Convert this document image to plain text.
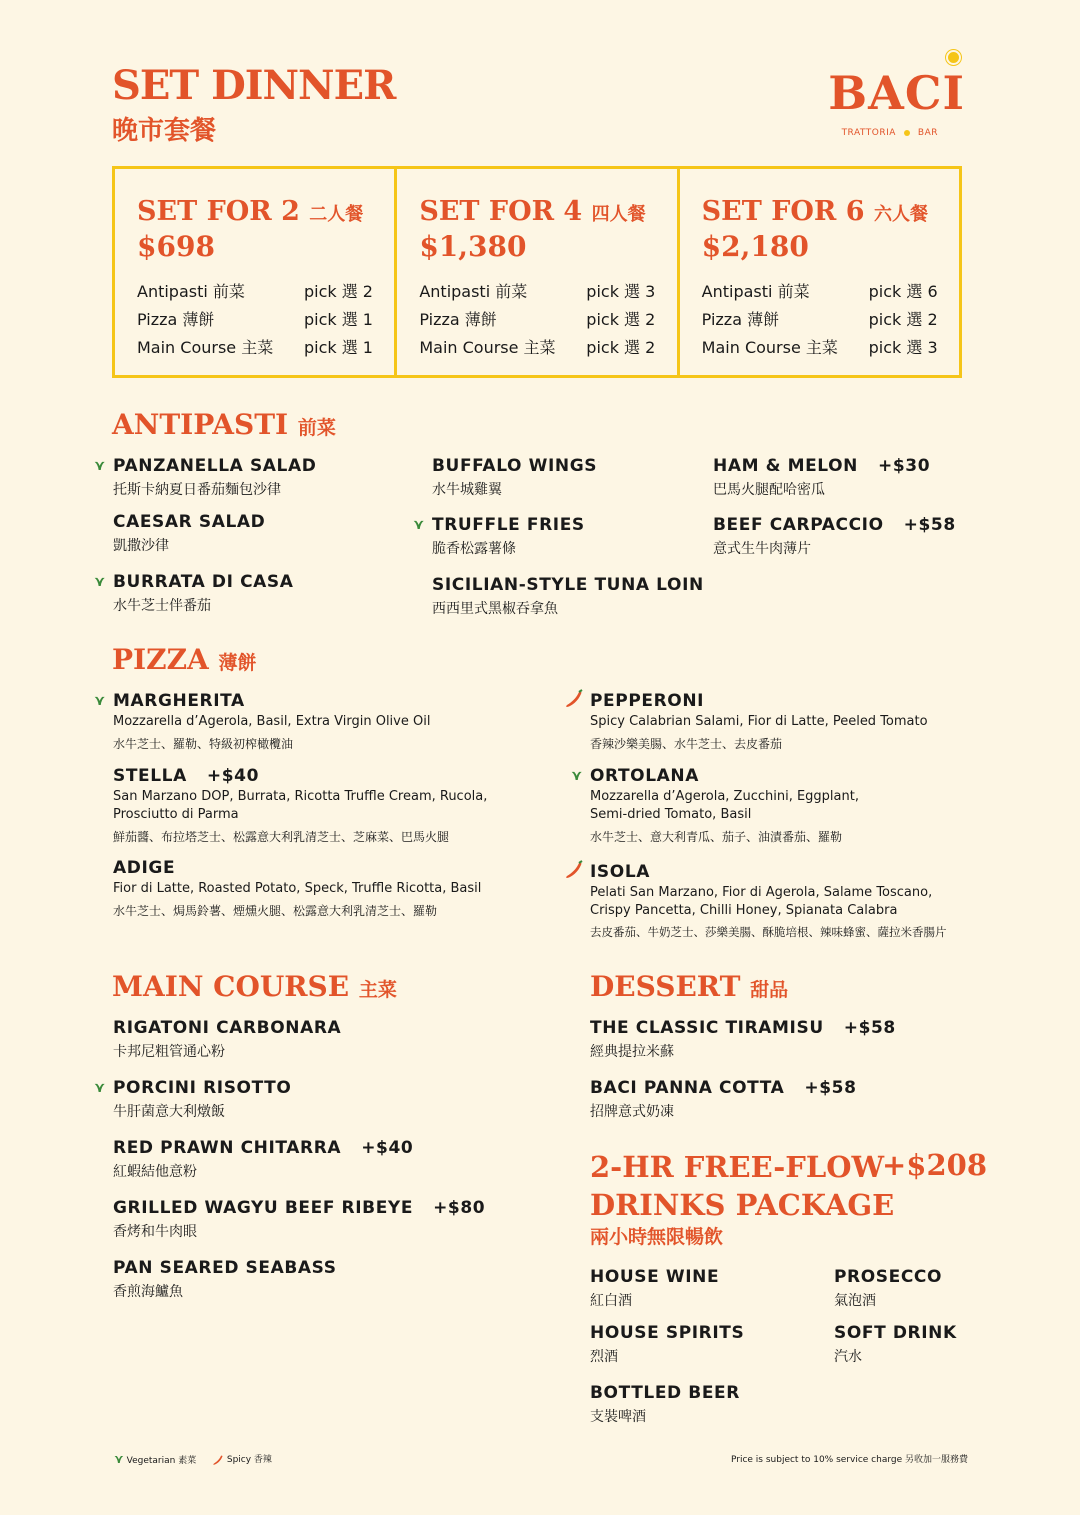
SET DINNER
晚市套餐
BACI
TRATTORIA BAR
SET FOR 2 二人餐
$698
Antipasti 前菜	pick 選 2
Pizza 薄餅	pick 選 1
Main Course 主菜	pick 選 1
SET FOR 4 四人餐
$1,380
Antipasti 前菜	pick 選 3
Pizza 薄餅	pick 選 2
Main Course 主菜	pick 選 2
SET FOR 6 六人餐
$2,180
Antipasti 前菜	pick 選 6
Pizza 薄餅	pick 選 2
Main Course 主菜	pick 選 3
ANTIPASTI 前菜
⋎ PANZANELLA SALAD
托斯卡納夏日番茄麵包沙律
CAESAR SALAD
凱撒沙律
⋎ BURRATA DI CASA
水牛芝士伴番茄
BUFFALO WINGS
水牛城雞翼
⋎ TRUFFLE FRIES
脆香松露薯條
SICILIAN-STYLE TUNA LOIN
西西里式黑椒吞拿魚
HAM & MELON +$30
巴馬火腿配哈密瓜
BEEF CARPACCIO +$58
意式生牛肉薄片
PIZZA 薄餅
⋎ MARGHERITA
Mozzarella d’Agerola, Basil, Extra Virgin Olive Oil
水牛芝士、羅勒、特級初榨橄欖油
STELLA +$40
San Marzano DOP, Burrata, Ricotta Truffle Cream, Rucola, Prosciutto di Parma
鮮茄醬、布拉塔芝士、松露意大利乳清芝士、芝麻菜、巴馬火腿
ADIGE
Fior di Latte, Roasted Potato, Speck, Truffle Ricotta, Basil
水牛芝士、焗馬鈴薯、煙燻火腿、松露意大利乳清芝士、羅勒
PEPPERONI
Spicy Calabrian Salami, Fior di Latte, Peeled Tomato
香辣沙樂美腸、水牛芝士、去皮番茄
⋎ ORTOLANA
Mozzarella d’Agerola, Zucchini, Eggplant, Semi-dried Tomato, Basil
水牛芝士、意大利青瓜、茄子、油漬番茄、羅勒
ISOLA
Pelati San Marzano, Fior di Agerola, Salame Toscano, Crispy Pancetta, Chilli Honey, Spianata Calabra
去皮番茄、牛奶芝士、莎樂美腸、酥脆培根、辣味蜂蜜、薩拉米香腸片
MAIN COURSE 主菜
RIGATONI CARBONARA
卡邦尼粗管通心粉
⋎ PORCINI RISOTTO
牛肝菌意大利燉飯
RED PRAWN CHITARRA +$40
紅蝦結他意粉
GRILLED WAGYU BEEF RIBEYE +$80
香烤和牛肉眼
PAN SEARED SEABASS
香煎海鱸魚
DESSERT 甜品
THE CLASSIC TIRAMISU +$58
經典提拉米蘇
BACI PANNA COTTA +$58
招牌意式奶凍
2-HR FREE-FLOW
DRINKS PACKAGE
+$208
兩小時無限暢飲
HOUSE WINE
紅白酒
PROSECCO
氣泡酒
HOUSE SPIRITS
烈酒
SOFT DRINK
汽水
BOTTLED BEER
支裝啤酒
⋎ Vegetarian 素菜	Spicy 香辣	Price is subject to 10% service charge 另收加一服務費
